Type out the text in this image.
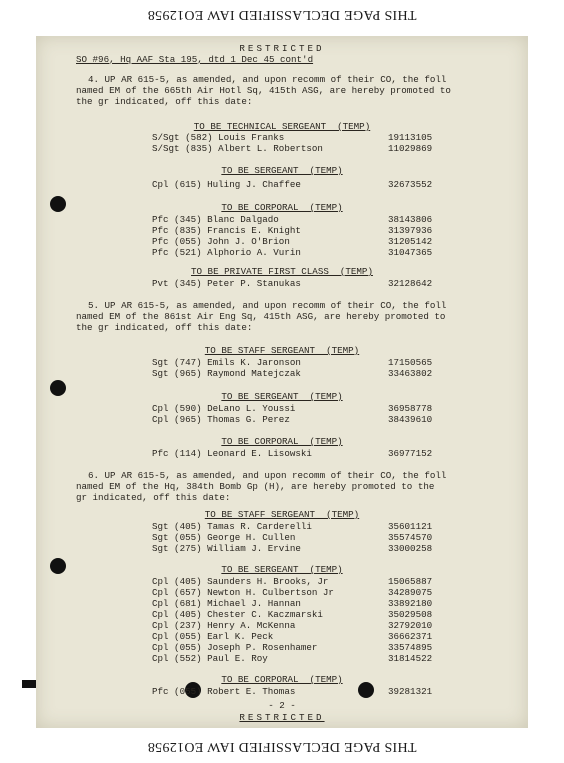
THIS PAGE DECLASSIFIED IAW EO12958
RESTRICTED
SO #96, Hq AAF Sta 195, dtd 1 Dec 45 cont'd
4. UP AR 615-5, as amended, and upon recomm of their CO, the foll
named EM of the 665th Air Hotl Sq, 415th ASG, are hereby promoted to
the gr indicated, off this date:
TO BE TECHNICAL SERGEANT  (TEMP)
S/Sgt (582) Louis Franks	19113105
S/Sgt (835) Albert L. Robertson	11029869
TO BE SERGEANT  (TEMP)
Cpl (615) Huling J. Chaffee	32673552
TO BE CORPORAL  (TEMP)
Pfc (345) Blanc Dalgado	38143806
Pfc (835) Francis E. Knight	31397936
Pfc (055) John J. O'Brion	31205142
Pfc (521) Alphorio A. Vurin	31047365
TO BE PRIVATE FIRST CLASS  (TEMP)
Pvt (345) Peter P. Stanukas	32128642
5. UP AR 615-5, as amended, and upon recomm of their CO, the foll
named EM of the 861st Air Eng Sq, 415th ASG, are hereby promoted to
the gr indicated, off this date:
TO BE STAFF SERGEANT  (TEMP)
Sgt (747) Emils K. Jaronson	17150565
Sgt (965) Raymond Matejczak	33463802
TO BE SERGEANT  (TEMP)
Cpl (590) DeLano L. Youssi	36958778
Cpl (965) Thomas G. Perez	38439610
TO BE CORPORAL  (TEMP)
Pfc (114) Leonard E. Lisowski	36977152
6. UP AR 615-5, as amended, and upon recomm of their CO, the foll
named EM of the Hq, 384th Bomb Gp (H), are hereby promoted to the
gr indicated, off this date:
TO BE STAFF SERGEANT  (TEMP)
Sgt (405) Tamas R. Carderelli	35601121
Sgt (055) George H. Cullen	35574570
Sgt (275) William J. Ervine	33000258
TO BE SERGEANT  (TEMP)
Cpl (405) Saunders H. Brooks, Jr	15065887
Cpl (657) Newton H. Culbertson Jr	34289075
Cpl (681) Michael J. Hannan	33892180
Cpl (405) Chester C. Kaczmarski	35029508
Cpl (237) Henry A. McKenna	32792010
Cpl (055) Earl K. Peck	36662371
Cpl (055) Joseph P. Rosenhamer	33574895
Cpl (552) Paul E. Roy	31814522
TO BE CORPORAL  (TEMP)
Pfc (055) Robert E. Thomas	39281321
- 2 -
RESTRICTED
THIS PAGE DECLASSIFIED IAW EO12958
